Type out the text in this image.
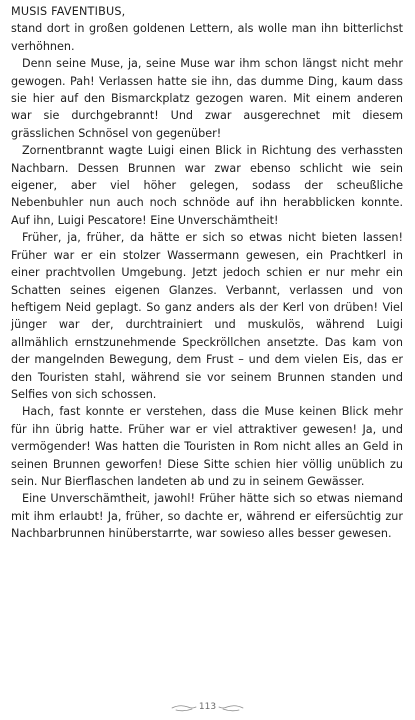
MUSIS FAVENTIBUS,
stand dort in großen goldenen Lettern, als wolle man ihn bitterlichst verhöhnen.

Denn seine Muse, ja, seine Muse war ihm schon längst nicht mehr gewogen. Pah! Verlassen hatte sie ihn, das dumme Ding, kaum dass sie hier auf den Bismarckplatz gezogen waren. Mit einem anderen war sie durchgebrannt! Und zwar ausgerechnet mit diesem grässlichen Schnösel von gegenüber!

Zornentbrannt wagte Luigi einen Blick in Richtung des verhassten Nachbarn. Dessen Brunnen war zwar ebenso schlicht wie sein eigener, aber viel höher gelegen, sodass der scheußliche Nebenbuhler nun auch noch schnöde auf ihn herabblicken konnte. Auf ihn, Luigi Pescatore! Eine Unverschämtheit!

Früher, ja, früher, da hätte er sich so etwas nicht bieten lassen! Früher war er ein stolzer Wassermann gewesen, ein Prachtkerl in einer prachtvollen Umgebung. Jetzt jedoch schien er nur mehr ein Schatten seines eigenen Glanzes. Verbannt, verlassen und von heftigem Neid geplagt. So ganz anders als der Kerl von drüben! Viel jünger war der, durchtrainiert und muskulös, während Luigi allmählich ernstzunehmende Speckröllchen ansetzte. Das kam von der mangelnden Bewegung, dem Frust – und dem vielen Eis, das er den Touristen stahl, während sie vor seinem Brunnen standen und Selfies von sich schossen.

Hach, fast konnte er verstehen, dass die Muse keinen Blick mehr für ihn übrig hatte. Früher war er viel attraktiver gewesen! Ja, und vermögender! Was hatten die Touristen in Rom nicht alles an Geld in seinen Brunnen geworfen! Diese Sitte schien hier völlig unüblich zu sein. Nur Bierflaschen landeten ab und zu in seinem Gewässer.

Eine Unverschämtheit, jawohl! Früher hätte sich so etwas niemand mit ihm erlaubt! Ja, früher, so dachte er, während er eifersüchtig zur Nachbarbrunnen hinüberstarrte, war sowieso alles besser gewesen.

113
